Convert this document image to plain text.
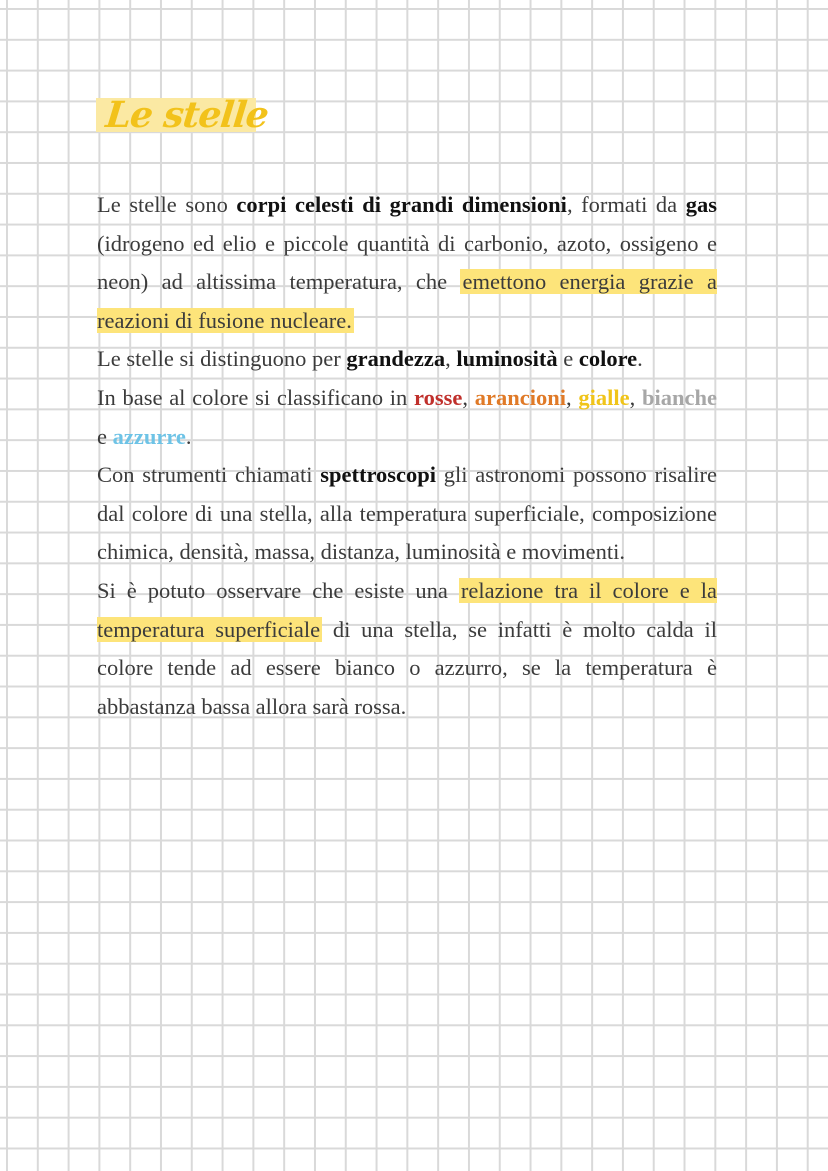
Le stelle

Le stelle sono corpi celesti di grandi dimensioni, formati da gas (idrogeno ed elio e piccole quantità di carbonio, azoto, ossigeno e neon) ad altissima temperatura, che emettono energia grazie a reazioni di fusione nucleare.

Le stelle si distinguono per grandezza, luminosità e colore.

In base al colore si classificano in rosse, arancioni, gialle, bianche e azzurre.

Con strumenti chiamati spettroscopi gli astronomi possono risalire dal colore di una stella, alla temperatura superficiale, composizione chimica, densità, massa, distanza, luminosità e movimenti.

Si è potuto osservare che esiste una relazione tra il colore e la temperatura superficiale di una stella, se infatti è molto calda il colore tende ad essere bianco o azzurro, se la temperatura è abbastanza bassa allora sarà rossa.
